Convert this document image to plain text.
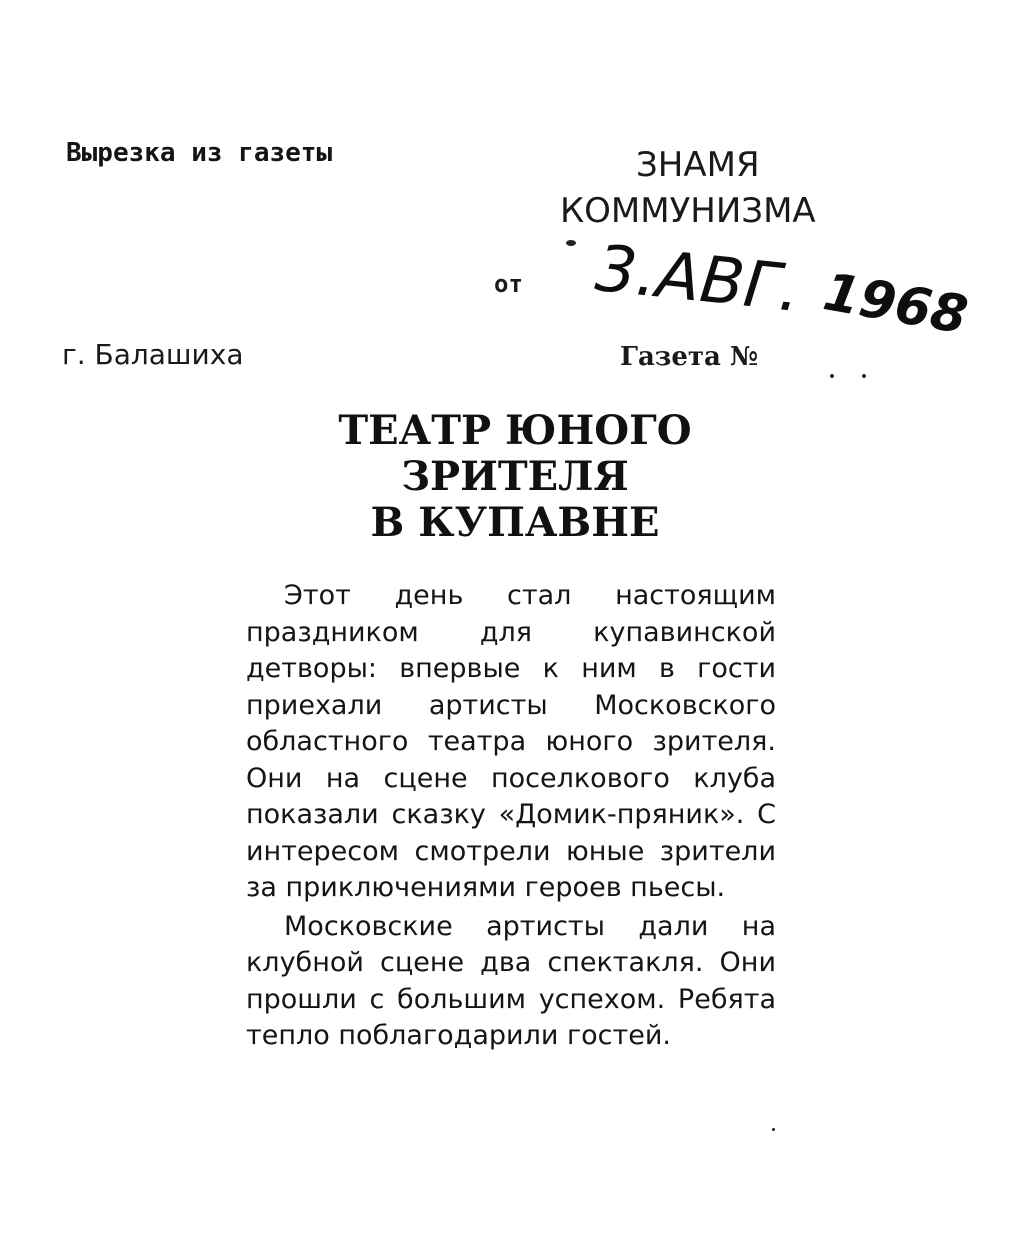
Вырезка из газеты	ЗНАМЯ
КОММУНИЗМА
от 3.АВГ. 1968
г. Балашиха	Газета №
ТЕАТР ЮНОГО
ЗРИТЕЛЯ
В КУПАВНЕ

Этот день стал настоящим праздником для купавинской детворы: впервые к ним в гости приехали артисты Московского областного театра юного зрителя. Они на сцене поселкового клуба показали сказку «Домик-пряник». С интересом смотрели юные зрители за приключениями героев пьесы.

Московские артисты дали на клубной сцене два спектакля. Они прошли с большим успехом. Ребята тепло поблагодарили гостей.
